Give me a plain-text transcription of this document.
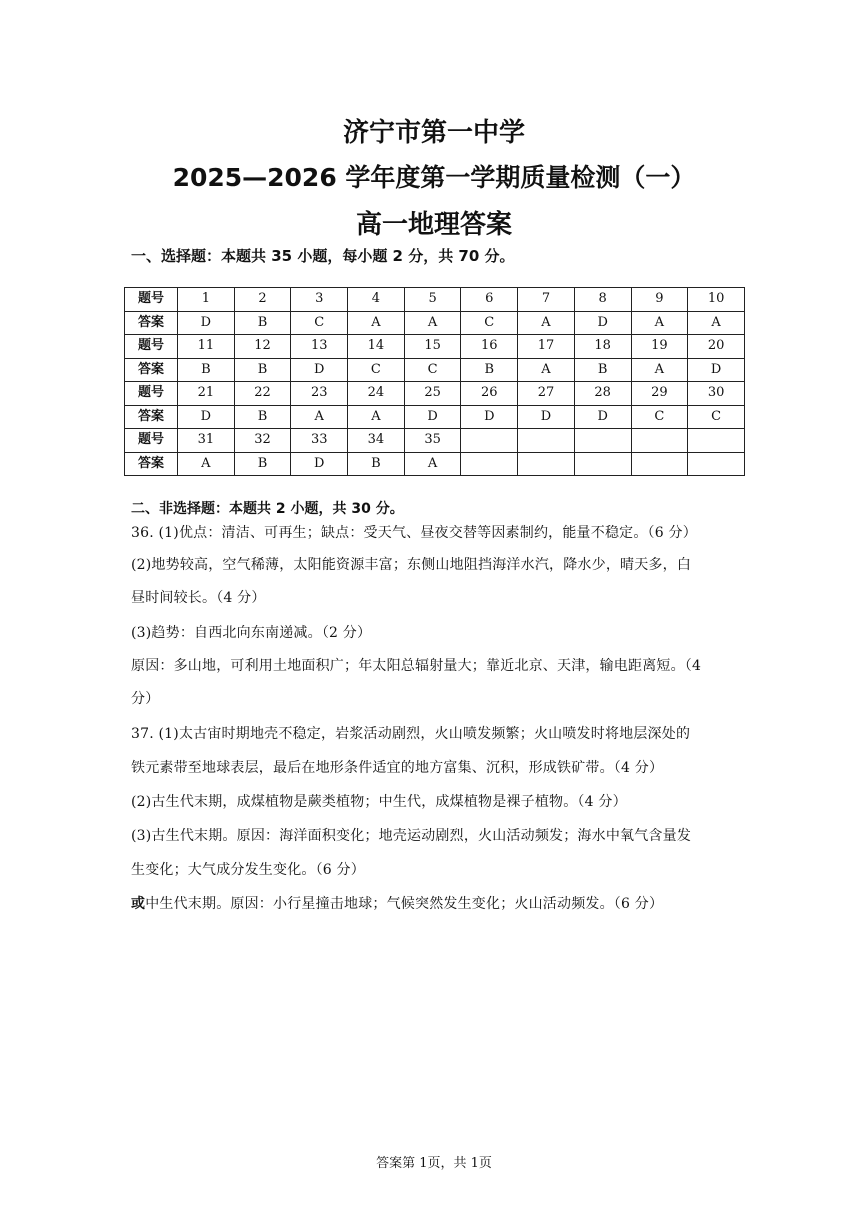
济宁市第一中学
2025—2026 学年度第一学期质量检测（一）
高一地理答案
一、选择题：本题共 35 小题，每小题 2 分，共 70 分。
题号	1	2	3	4	5	6	7	8	9	10
答案	D	B	C	A	A	C	A	D	A	A
题号	11	12	13	14	15	16	17	18	19	20
答案	B	B	D	C	C	B	A	B	A	D
题号	21	22	23	24	25	26	27	28	29	30
答案	D	B	A	A	D	D	D	D	C	C
题号	31	32	33	34	35					
答案	A	B	D	B	A					
二、非选择题：本题共 2 小题，共 30 分。
36. (1)优点：清洁、可再生；缺点：受天气、昼夜交替等因素制约，能量不稳定。（6 分）
(2)地势较高，空气稀薄，太阳能资源丰富；东侧山地阻挡海洋水汽，降水少，晴天多，白
昼时间较长。（4 分）
(3)趋势：自西北向东南递减。（2 分）
原因：多山地，可利用土地面积广；年太阳总辐射量大；靠近北京、天津，输电距离短。（4
分）
37. (1)太古宙时期地壳不稳定，岩浆活动剧烈，火山喷发频繁；火山喷发时将地层深处的
铁元素带至地球表层，最后在地形条件适宜的地方富集、沉积，形成铁矿带。（4 分）
(2)古生代末期，成煤植物是蕨类植物；中生代，成煤植物是裸子植物。（4 分）
(3)古生代末期。原因：海洋面积变化；地壳运动剧烈，火山活动频发；海水中氧气含量发
生变化；大气成分发生变化。（6 分）
或中生代末期。原因：小行星撞击地球；气候突然发生变化；火山活动频发。（6 分）
答案第 1页，共 1页
